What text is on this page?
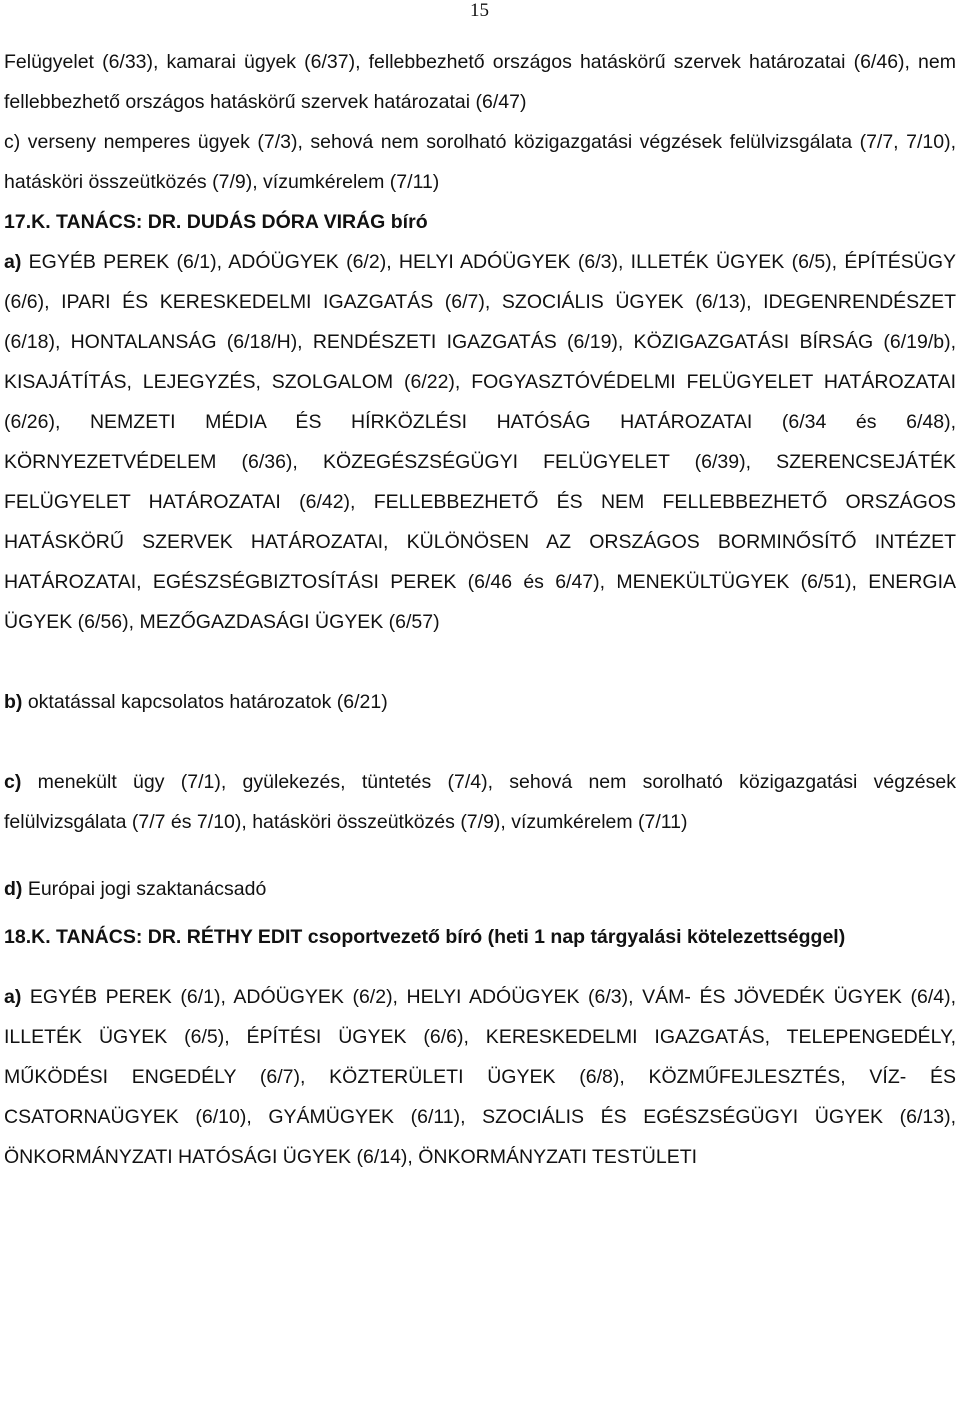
15

Felügyelet (6/33), kamarai ügyek (6/37), fellebbezhető országos hatáskörű szervek határozatai (6/46), nem fellebbezhető országos hatáskörű szervek határozatai (6/47)

c) verseny nemperes ügyek (7/3), sehová nem sorolható közigazgatási végzések felülvizsgálata (7/7, 7/10), hatásköri összeütközés (7/9), vízumkérelem (7/11)

17.K. TANÁCS: DR. DUDÁS DÓRA VIRÁG bíró

a) EGYÉB PEREK (6/1), ADÓÜGYEK (6/2), HELYI ADÓÜGYEK (6/3), ILLETÉK ÜGYEK (6/5), ÉPÍTÉSÜGY (6/6), IPARI ÉS KERESKEDELMI IGAZGATÁS (6/7), SZOCIÁLIS ÜGYEK (6/13), IDEGENRENDÉSZET (6/18), HONTALANSÁG (6/18/H), RENDÉSZETI IGAZGATÁS (6/19), KÖZIGAZGATÁSI BÍRSÁG (6/19/b), KISAJÁTÍTÁS, LEJEGYZÉS, SZOLGALOM (6/22), FOGYASZTÓVÉDELMI FELÜGYELET HATÁROZATAI (6/26), NEMZETI MÉDIA ÉS HÍRKÖZLÉSI HATÓSÁG HATÁROZATAI (6/34 és 6/48), KÖRNYEZETVÉDELEM (6/36), KÖZEGÉSZSÉGÜGYI FELÜGYELET (6/39), SZERENCSEJÁTÉK FELÜGYELET HATÁROZATAI (6/42), FELLEBBEZHETŐ ÉS NEM FELLEBBEZHETŐ ORSZÁGOS HATÁSKÖRŰ SZERVEK HATÁROZATAI, KÜLÖNÖSEN AZ ORSZÁGOS BORMINŐSÍTŐ INTÉZET HATÁROZATAI, EGÉSZSÉGBIZTOSÍTÁSI PEREK (6/46 és 6/47), MENEKÜLTÜGYEK (6/51), ENERGIA ÜGYEK (6/56), MEZŐGAZDASÁGI ÜGYEK (6/57)

b) oktatással kapcsolatos határozatok (6/21)

c) menekült ügy (7/1), gyülekezés, tüntetés (7/4), sehová nem sorolható közigazgatási végzések felülvizsgálata (7/7 és 7/10), hatásköri összeütközés (7/9), vízumkérelem (7/11)

d) Európai jogi szaktanácsadó

18.K. TANÁCS: DR. RÉTHY EDIT csoportvezető bíró (heti 1 nap tárgyalási kötelezettséggel)

a) EGYÉB PEREK (6/1), ADÓÜGYEK (6/2), HELYI ADÓÜGYEK (6/3), VÁM- ÉS JÖVEDÉK ÜGYEK (6/4), ILLETÉK ÜGYEK (6/5), ÉPÍTÉSI ÜGYEK (6/6), KERESKEDELMI IGAZGATÁS, TELEPENGEDÉLY, MŰKÖDÉSI ENGEDÉLY (6/7), KÖZTERÜLETI ÜGYEK (6/8), KÖZMŰFEJLESZTÉS, VÍZ- ÉS CSATORNAÜGYEK (6/10), GYÁMÜGYEK (6/11), SZOCIÁLIS ÉS EGÉSZSÉGÜGYI ÜGYEK (6/13), ÖNKORMÁNYZATI HATÓSÁGI ÜGYEK (6/14), ÖNKORMÁNYZATI TESTÜLETI
